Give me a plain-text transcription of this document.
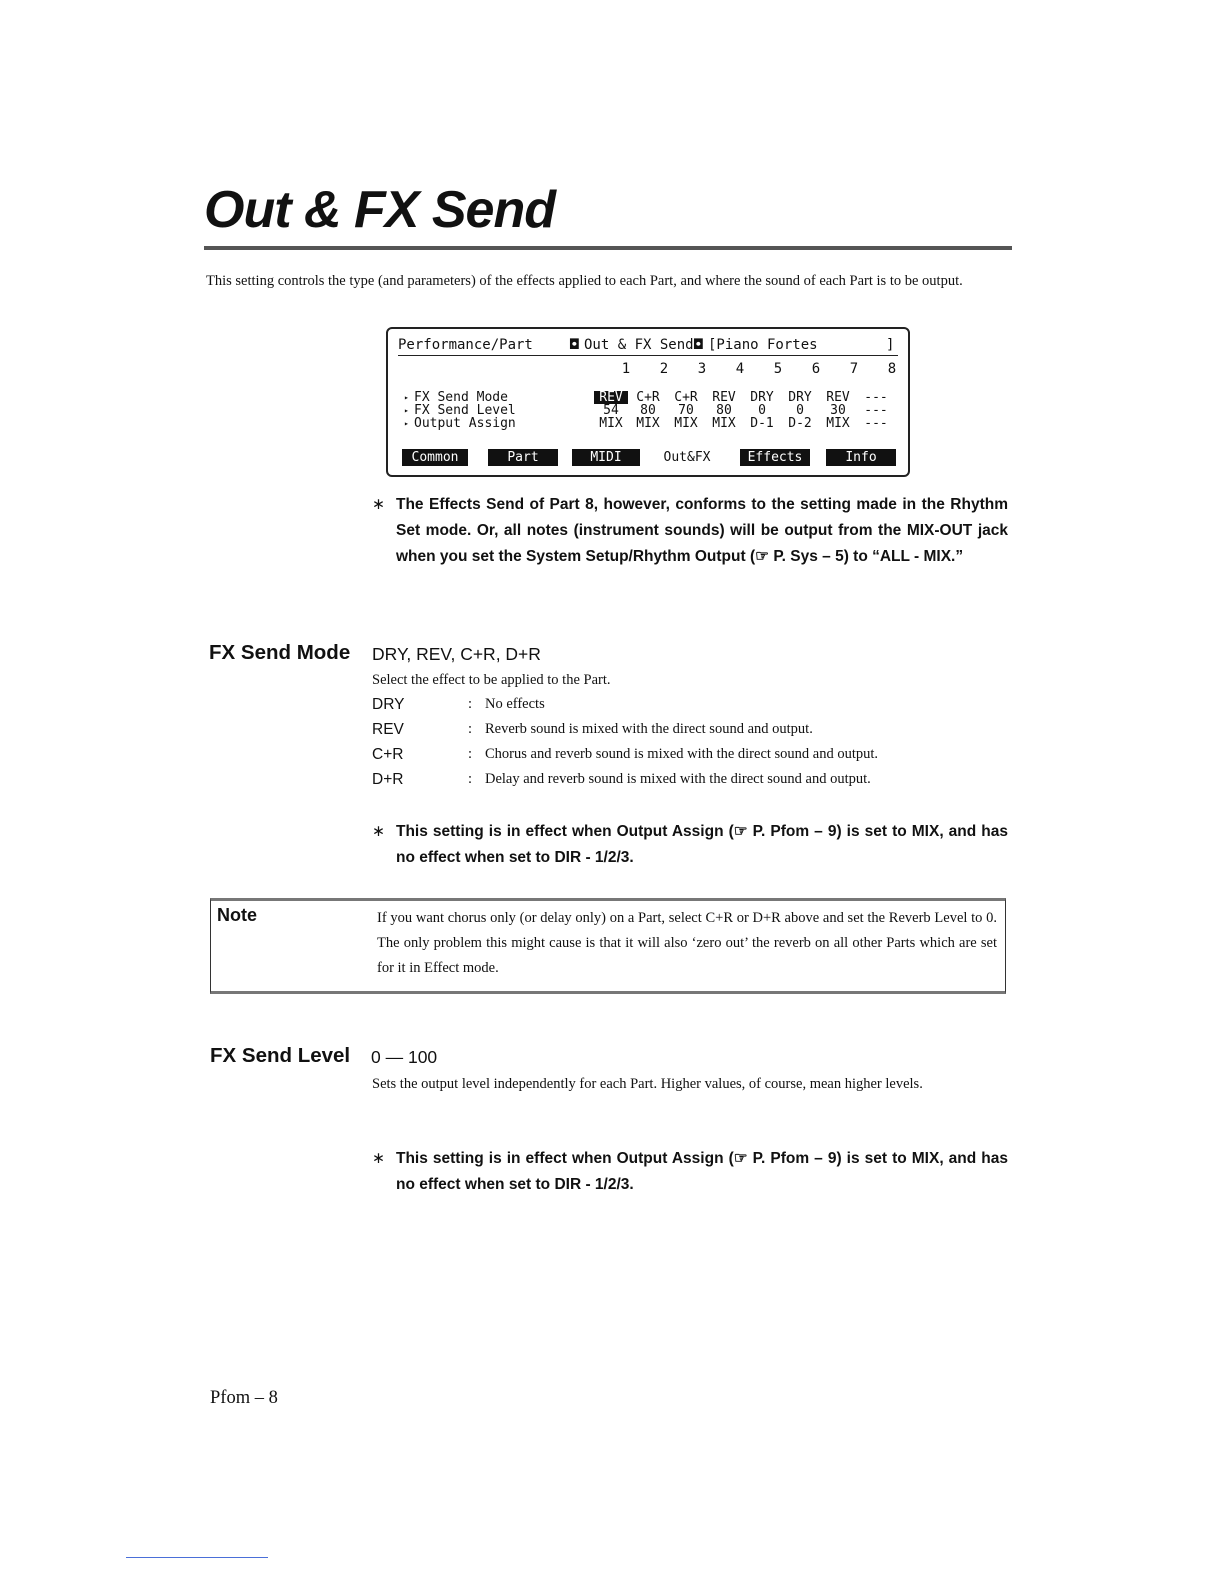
Out & FX Send
This setting controls the type (and parameters) of the effects applied to each Part, and where the sound of each Part is to be output.
Performance/Part	◘ Out & FX Send ◘ [Piano Fortes	]
1	2	3	4	5	6	7	8
▸ FX Send Mode	REV	C+R	C+R	REV	DRY	DRY	REV	---
▸ FX Send Level	54	80	70	80	0	0	30	---
▸ Output Assign	MIX	MIX	MIX	MIX	D-1	D-2	MIX	---
Common	Part	MIDI	Out&FX	Effects	Info
∗ The Effects Send of Part 8, however, conforms to the setting made in the Rhythm Set mode. Or, all notes (instrument sounds) will be output from the MIX-OUT jack when you set the System Setup/Rhythm Output (☞ P. Sys – 5) to “ALL - MIX.”
FX Send Mode DRY, REV, C+R, D+R
Select the effect to be applied to the Part.
DRY	: No effects
REV	: Reverb sound is mixed with the direct sound and output.
C+R	: Chorus and reverb sound is mixed with the direct sound and output.
D+R	: Delay and reverb sound is mixed with the direct sound and output.
∗ This setting is in effect when Output Assign (☞ P. Pfom – 9) is set to MIX, and has no effect when set to DIR - 1/2/3.
Note	If you want chorus only (or delay only) on a Part, select C+R or D+R above and set the Reverb Level to 0. The only problem this might cause is that it will also ‘zero out’ the reverb on all other Parts which are set for it in Effect mode.
FX Send Level 0 — 100
Sets the output level independently for each Part. Higher values, of course, mean higher levels.
∗ This setting is in effect when Output Assign (☞ P. Pfom – 9) is set to MIX, and has no effect when set to DIR - 1/2/3.
Pfom – 8
